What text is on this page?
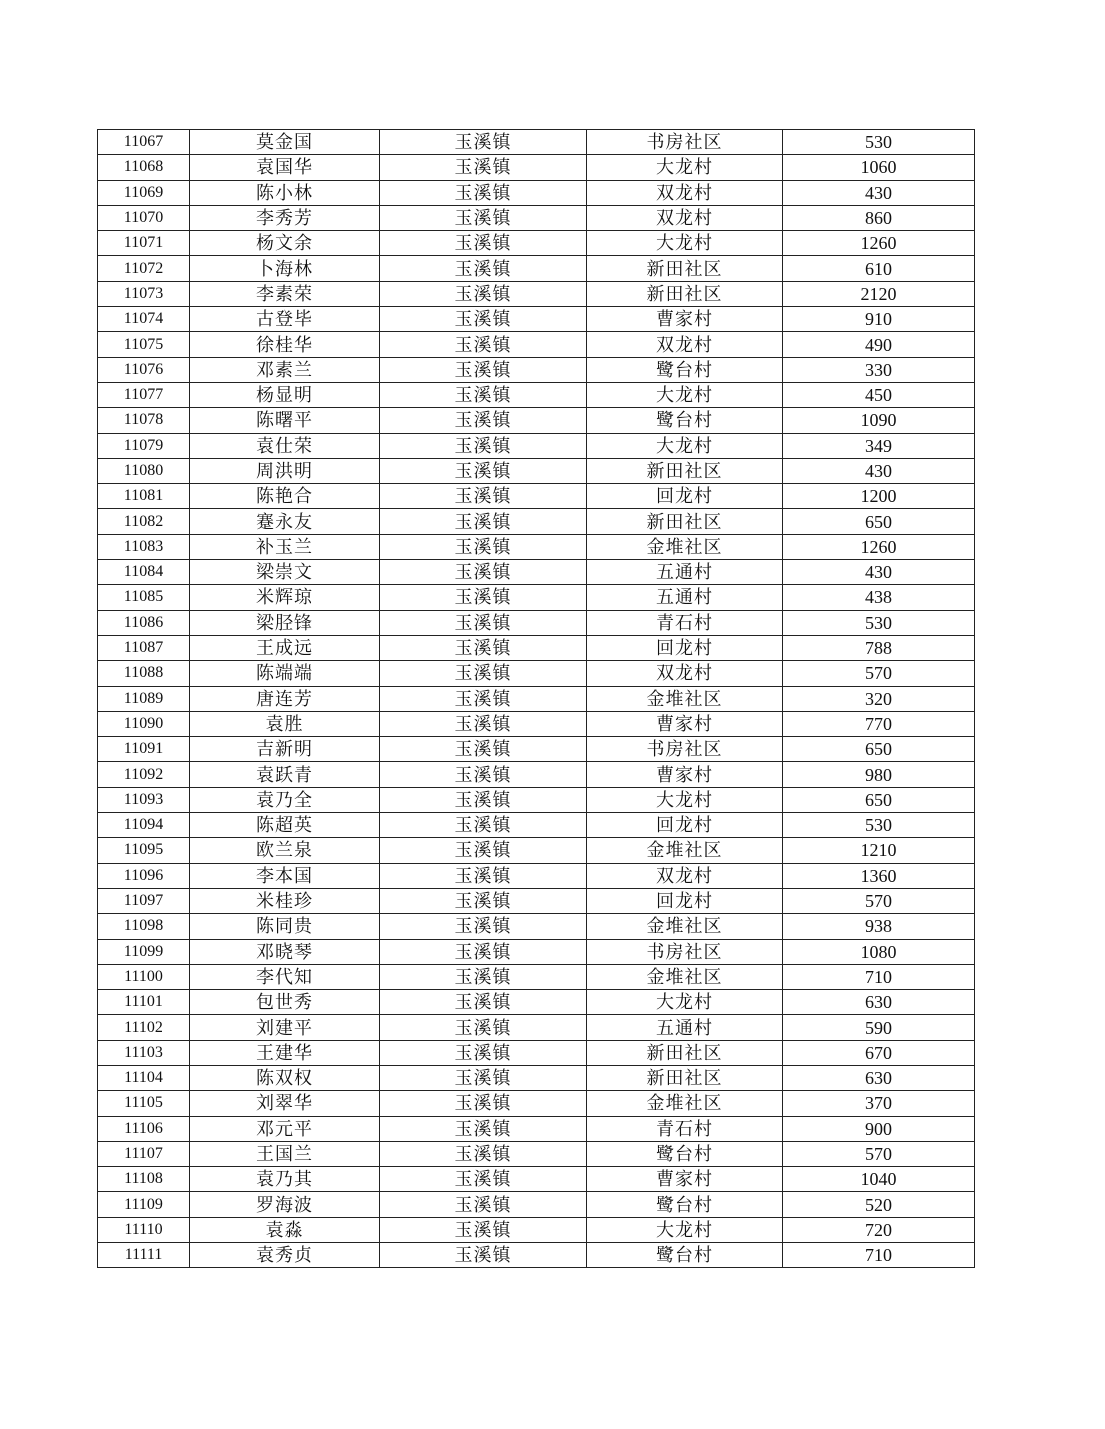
11067	莫金国	玉溪镇	书房社区	530
11068	袁国华	玉溪镇	大龙村	1060
11069	陈小林	玉溪镇	双龙村	430
11070	李秀芳	玉溪镇	双龙村	860
11071	杨文余	玉溪镇	大龙村	1260
11072	卜海林	玉溪镇	新田社区	610
11073	李素荣	玉溪镇	新田社区	2120
11074	古登毕	玉溪镇	曹家村	910
11075	徐桂华	玉溪镇	双龙村	490
11076	邓素兰	玉溪镇	鹭台村	330
11077	杨显明	玉溪镇	大龙村	450
11078	陈曙平	玉溪镇	鹭台村	1090
11079	袁仕荣	玉溪镇	大龙村	349
11080	周洪明	玉溪镇	新田社区	430
11081	陈艳合	玉溪镇	回龙村	1200
11082	蹇永友	玉溪镇	新田社区	650
11083	补玉兰	玉溪镇	金堆社区	1260
11084	梁崇文	玉溪镇	五通村	430
11085	米辉琼	玉溪镇	五通村	438
11086	梁胫锋	玉溪镇	青石村	530
11087	王成远	玉溪镇	回龙村	788
11088	陈端端	玉溪镇	双龙村	570
11089	唐连芳	玉溪镇	金堆社区	320
11090	袁胜	玉溪镇	曹家村	770
11091	吉新明	玉溪镇	书房社区	650
11092	袁跃青	玉溪镇	曹家村	980
11093	袁乃全	玉溪镇	大龙村	650
11094	陈超英	玉溪镇	回龙村	530
11095	欧兰泉	玉溪镇	金堆社区	1210
11096	李本国	玉溪镇	双龙村	1360
11097	米桂珍	玉溪镇	回龙村	570
11098	陈同贵	玉溪镇	金堆社区	938
11099	邓晓琴	玉溪镇	书房社区	1080
11100	李代知	玉溪镇	金堆社区	710
11101	包世秀	玉溪镇	大龙村	630
11102	刘建平	玉溪镇	五通村	590
11103	王建华	玉溪镇	新田社区	670
11104	陈双权	玉溪镇	新田社区	630
11105	刘翠华	玉溪镇	金堆社区	370
11106	邓元平	玉溪镇	青石村	900
11107	王国兰	玉溪镇	鹭台村	570
11108	袁乃其	玉溪镇	曹家村	1040
11109	罗海波	玉溪镇	鹭台村	520
11110	袁淼	玉溪镇	大龙村	720
11111	袁秀贞	玉溪镇	鹭台村	710
